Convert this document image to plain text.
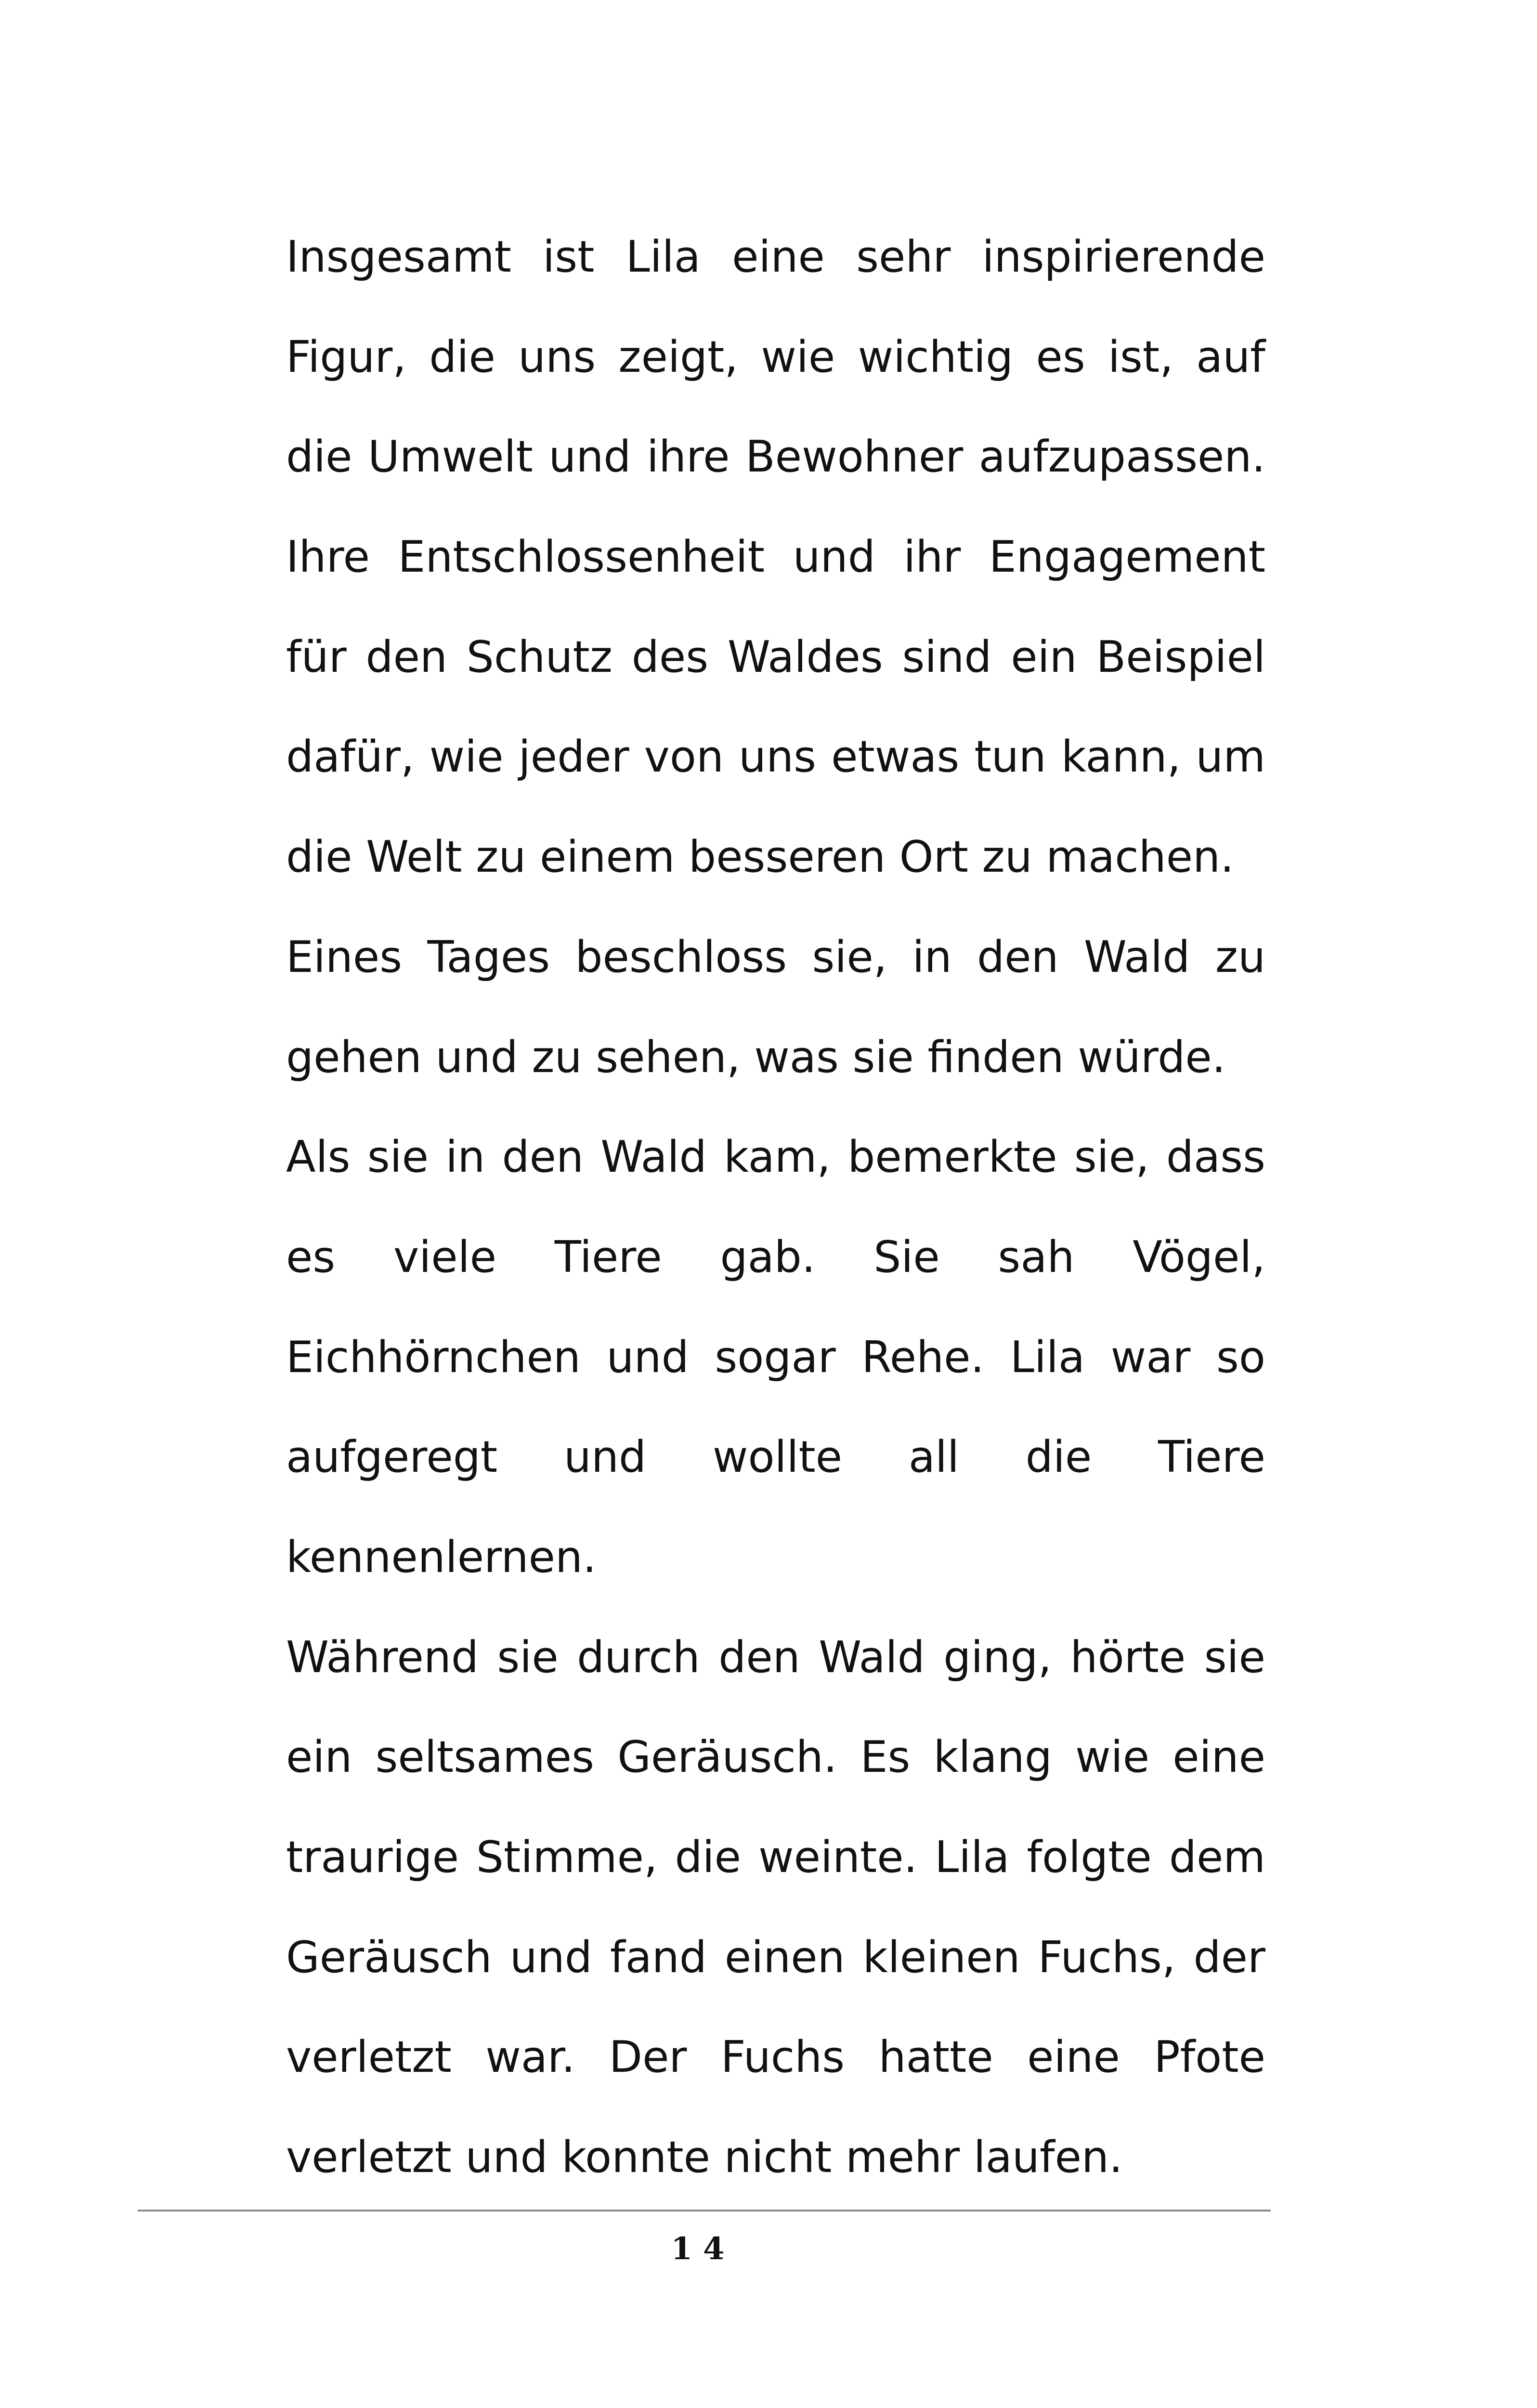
Insgesamt ist Lila eine sehr inspirierende
Figur, die uns zeigt, wie wichtig es ist, auf
die Umwelt und ihre Bewohner aufzupassen.
Ihre Entschlossenheit und ihr Engagement
für den Schutz des Waldes sind ein Beispiel
dafür, wie jeder von uns etwas tun kann, um
die Welt zu einem besseren Ort zu machen.
Eines Tages beschloss sie, in den Wald zu
gehen und zu sehen, was sie finden würde.
Als sie in den Wald kam, bemerkte sie, dass
es viele Tiere gab. Sie sah Vögel,
Eichhörnchen und sogar Rehe. Lila war so
aufgeregt und wollte all die Tiere
kennenlernen.
Während sie durch den Wald ging, hörte sie
ein seltsames Geräusch. Es klang wie eine
traurige Stimme, die weinte. Lila folgte dem
Geräusch und fand einen kleinen Fuchs, der
verletzt war. Der Fuchs hatte eine Pfote
verletzt und konnte nicht mehr laufen.
14
